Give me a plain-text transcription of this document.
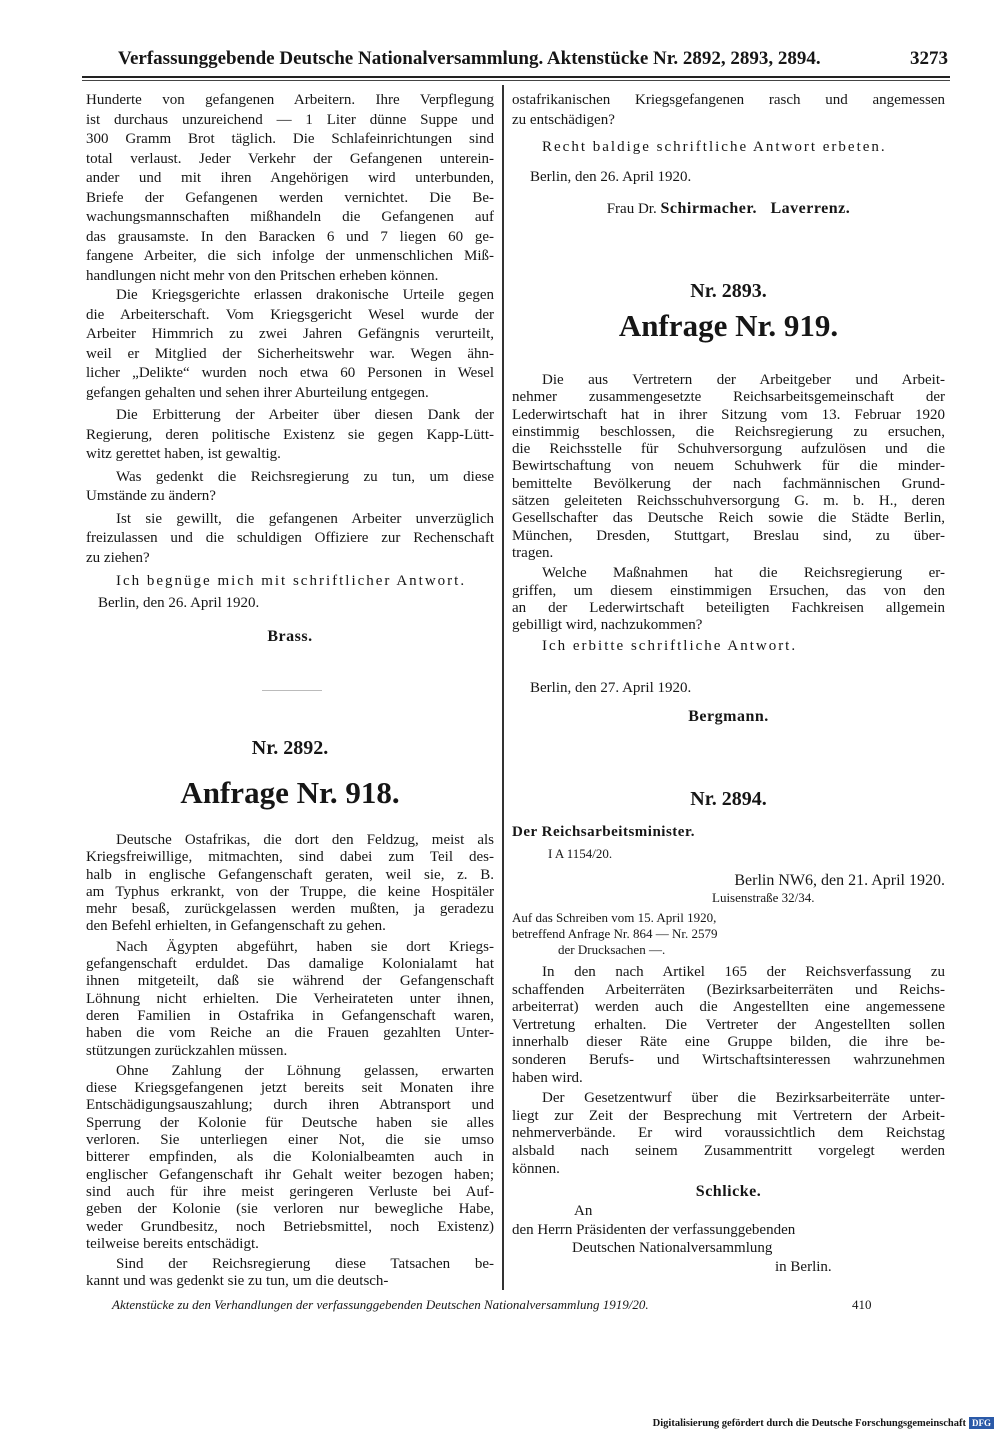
Verfassunggebende Deutsche Nationalversammlung. Aktenstücke Nr. 2892, 2893, 2894.	3273
Hunderte von gefangenen Arbeitern. Ihre Verpflegung
ist durchaus unzureichend — 1 Liter dünne Suppe und
300 Gramm Brot täglich. Die Schlafeinrichtungen sind
total verlaust. Jeder Verkehr der Gefangenen unterein-
ander und mit ihren Angehörigen wird unterbunden,
Briefe der Gefangenen werden vernichtet. Die Be-
wachungsmannschaften mißhandeln die Gefangenen auf
das grausamste. In den Baracken 6 und 7 liegen 60 ge-
fangene Arbeiter, die sich infolge der unmenschlichen Miß-
handlungen nicht mehr von den Pritschen erheben können.
Die Kriegsgerichte erlassen drakonische Urteile gegen
die Arbeiterschaft. Vom Kriegsgericht Wesel wurde der
Arbeiter Himmrich zu zwei Jahren Gefängnis verurteilt,
weil er Mitglied der Sicherheitswehr war. Wegen ähn-
licher „Delikte“ wurden noch etwa 60 Personen in Wesel
gefangen gehalten und sehen ihrer Aburteilung entgegen.
Die Erbitterung der Arbeiter über diesen Dank der
Regierung, deren politische Existenz sie gegen Kapp-Lütt-
witz gerettet haben, ist gewaltig.
Was gedenkt die Reichsregierung zu tun, um diese
Umstände zu ändern?
Ist sie gewillt, die gefangenen Arbeiter unverzüglich
freizulassen und die schuldigen Offiziere zur Rechenschaft
zu ziehen?
Ich begnüge mich mit schriftlicher Antwort.
Berlin, den 26. April 1920.
Brass.
Nr. 2892.
Anfrage Nr. 918.
Deutsche Ostafrikas, die dort den Feldzug, meist als
Kriegsfreiwillige, mitmachten, sind dabei zum Teil des-
halb in englische Gefangenschaft geraten, weil sie, z. B.
am Typhus erkrankt, von der Truppe, die keine Hospitäler
mehr besaß, zurückgelassen werden mußten, ja geradezu
den Befehl erhielten, in Gefangenschaft zu gehen.
Nach Ägypten abgeführt, haben sie dort Kriegs-
gefangenschaft erduldet. Das damalige Kolonialamt hat
ihnen mitgeteilt, daß sie während der Gefangenschaft
Löhnung nicht erhielten. Die Verheirateten unter ihnen,
deren Familien in Ostafrika in Gefangenschaft waren,
haben die vom Reiche an die Frauen gezahlten Unter-
stützungen zurückzahlen müssen.
Ohne Zahlung der Löhnung gelassen, erwarten
diese Kriegsgefangenen jetzt bereits seit Monaten ihre
Entschädigungsauszahlung; durch ihren Abtransport und
Sperrung der Kolonie für Deutsche haben sie alles
verloren. Sie unterliegen einer Not, die sie umso
bitterer empfinden, als die Kolonialbeamten auch in
englischer Gefangenschaft ihr Gehalt weiter bezogen haben;
sind auch für ihre meist geringeren Verluste bei Auf-
geben der Kolonie (sie verloren nur bewegliche Habe,
weder Grundbesitz, noch Betriebsmittel, noch Existenz)
teilweise bereits entschädigt.
Sind der Reichsregierung diese Tatsachen be-
kannt und was gedenkt sie zu tun, um die deutsch-
ostafrikanischen Kriegsgefangenen rasch und angemessen
zu entschädigen?
Recht baldige schriftliche Antwort erbeten.
Berlin, den 26. April 1920.
Frau Dr. Schirmacher.   Laverrenz.
Nr. 2893.
Anfrage Nr. 919.
Die aus Vertretern der Arbeitgeber und Arbeit-
nehmer zusammengesetzte Reichsarbeitsgemeinschaft der
Lederwirtschaft hat in ihrer Sitzung vom 13. Februar 1920
einstimmig beschlossen, die Reichsregierung zu ersuchen,
die Reichsstelle für Schuhversorgung aufzulösen und die
Bewirtschaftung von neuem Schuhwerk für die minder-
bemittelte Bevölkerung der nach fachmännischen Grund-
sätzen geleiteten Reichsschuhversorgung G. m. b. H., deren
Gesellschafter das Deutsche Reich sowie die Städte Berlin,
München, Dresden, Stuttgart, Breslau sind, zu über-
tragen.
Welche Maßnahmen hat die Reichsregierung er-
griffen, um diesem einstimmigen Ersuchen, das von den
an der Lederwirtschaft beteiligten Fachkreisen allgemein
gebilligt wird, nachzukommen?
Ich erbitte schriftliche Antwort.
Berlin, den 27. April 1920.
Bergmann.
Nr. 2894.
Der Reichsarbeitsminister.
I A 1154/20.
Berlin NW6, den 21. April 1920.
Luisenstraße 32/34.
Auf das Schreiben vom 15. April 1920,
betreffend Anfrage Nr. 864 — Nr. 2579
der Drucksachen —.
In den nach Artikel 165 der Reichsverfassung zu
schaffenden Arbeiterräten (Bezirksarbeiterräten und Reichs-
arbeiterrat) werden auch die Angestellten eine angemessene
Vertretung erhalten. Die Vertreter der Angestellten sollen
innerhalb dieser Räte eine Gruppe bilden, die ihre be-
sonderen Berufs- und Wirtschaftsinteressen wahrzunehmen
haben wird.
Der Gesetzentwurf über die Bezirksarbeiterräte unter-
liegt zur Zeit der Besprechung mit Vertretern der Arbeit-
nehmerverbände. Er wird voraussichtlich dem Reichstag
alsbald nach seinem Zusammentritt vorgelegt werden
können.
Schlicke.
An
den Herrn Präsidenten der verfassunggebenden
Deutschen Nationalversammlung
in Berlin.
Aktenstücke zu den Verhandlungen der verfassunggebenden Deutschen Nationalversammlung 1919/20.	410
Digitalisierung gefördert durch die Deutsche Forschungsgemeinschaft DFG
